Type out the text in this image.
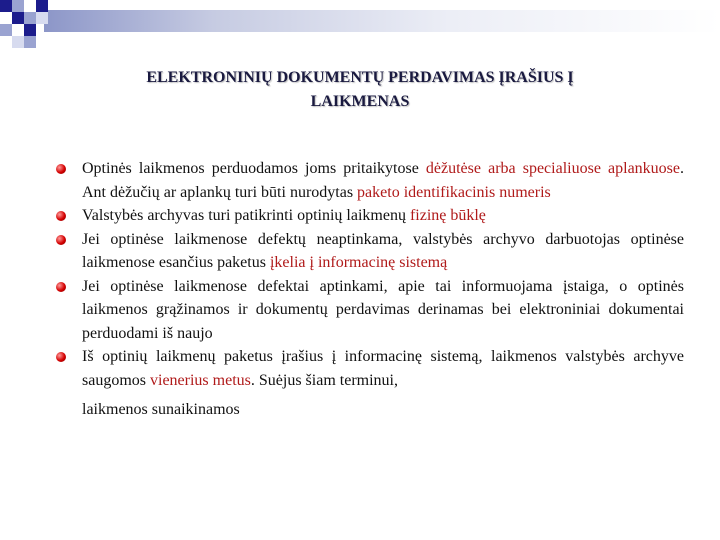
ELEKTRONINIŲ DOKUMENTŲ PERDAVIMAS ĮRAŠIUS Į
LAIKMENAS

Optinės laikmenos perduodamos joms pritaikytose dėžutėse arba specialiuose aplankuose. Ant dėžučių ar aplankų turi būti nurodytas paketo identifikacinis numeris

Valstybės archyvas turi patikrinti optinių laikmenų fizinę būklę

Jei optinėse laikmenose defektų neaptinkama, valstybės archyvo darbuotojas optinėse laikmenose esančius paketus įkelia į informacinę sistemą

Jei optinėse laikmenose defektai aptinkami, apie tai informuojama įstaiga, o optinės laikmenos grąžinamos ir dokumentų perdavimas derinamas bei elektroniniai dokumentai perduodami iš naujo

Iš optinių laikmenų paketus įrašius į informacinę sistemą, laikmenos valstybės archyve saugomos vienerius metus. Suėjus šiam terminui,

laikmenos sunaikinamos
